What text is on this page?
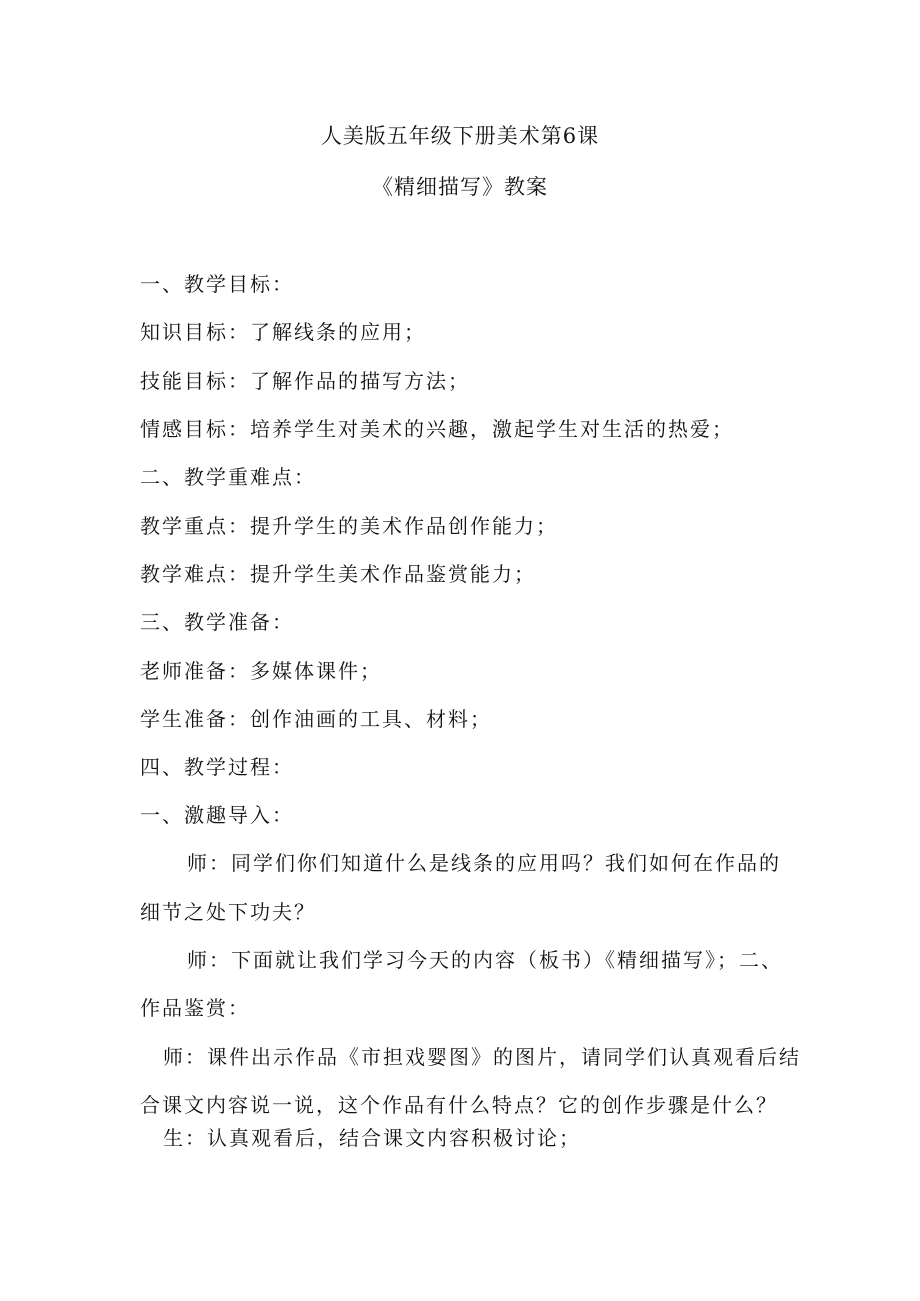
人美版五年级下册美术第6课
《精细描写》教案
一、教学目标：
知识目标：了解线条的应用；
技能目标：了解作品的描写方法；
情感目标：培养学生对美术的兴趣，激起学生对生活的热爱；
二、教学重难点：
教学重点：提升学生的美术作品创作能力；
教学难点：提升学生美术作品鉴赏能力；
三、教学准备：
老师准备：多媒体课件；
学生准备：创作油画的工具、材料；
四、教学过程：
一、激趣导入：
师：同学们你们知道什么是线条的应用吗？我们如何在作品的
细节之处下功夫？
师：下面就让我们学习今天的内容（板书）《精细描写》；二、
作品鉴赏：
师：课件出示作品《市担戏婴图》的图片，请同学们认真观看后结
合课文内容说一说，这个作品有什么特点？它的创作步骤是什么？
生：认真观看后，结合课文内容积极讨论；
